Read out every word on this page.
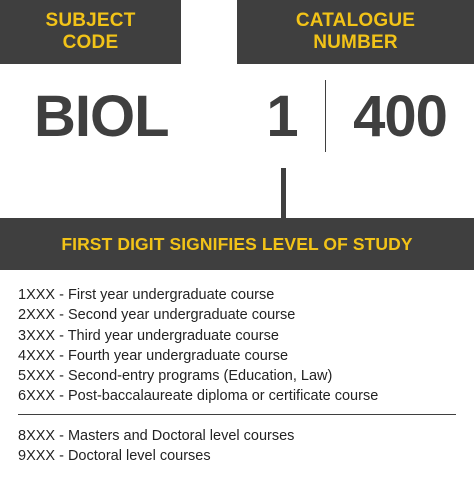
SUBJECT
CODE
CATALOGUE
NUMBER
BIOL 1 400
FIRST DIGIT SIGNIFIES LEVEL OF STUDY
1XXX - First year undergraduate course
2XXX - Second year undergraduate course
3XXX - Third year undergraduate course
4XXX - Fourth year undergraduate course
5XXX - Second-entry programs (Education, Law)
6XXX - Post-baccalaureate diploma or certificate course
8XXX - Masters and Doctoral level courses
9XXX - Doctoral level courses
